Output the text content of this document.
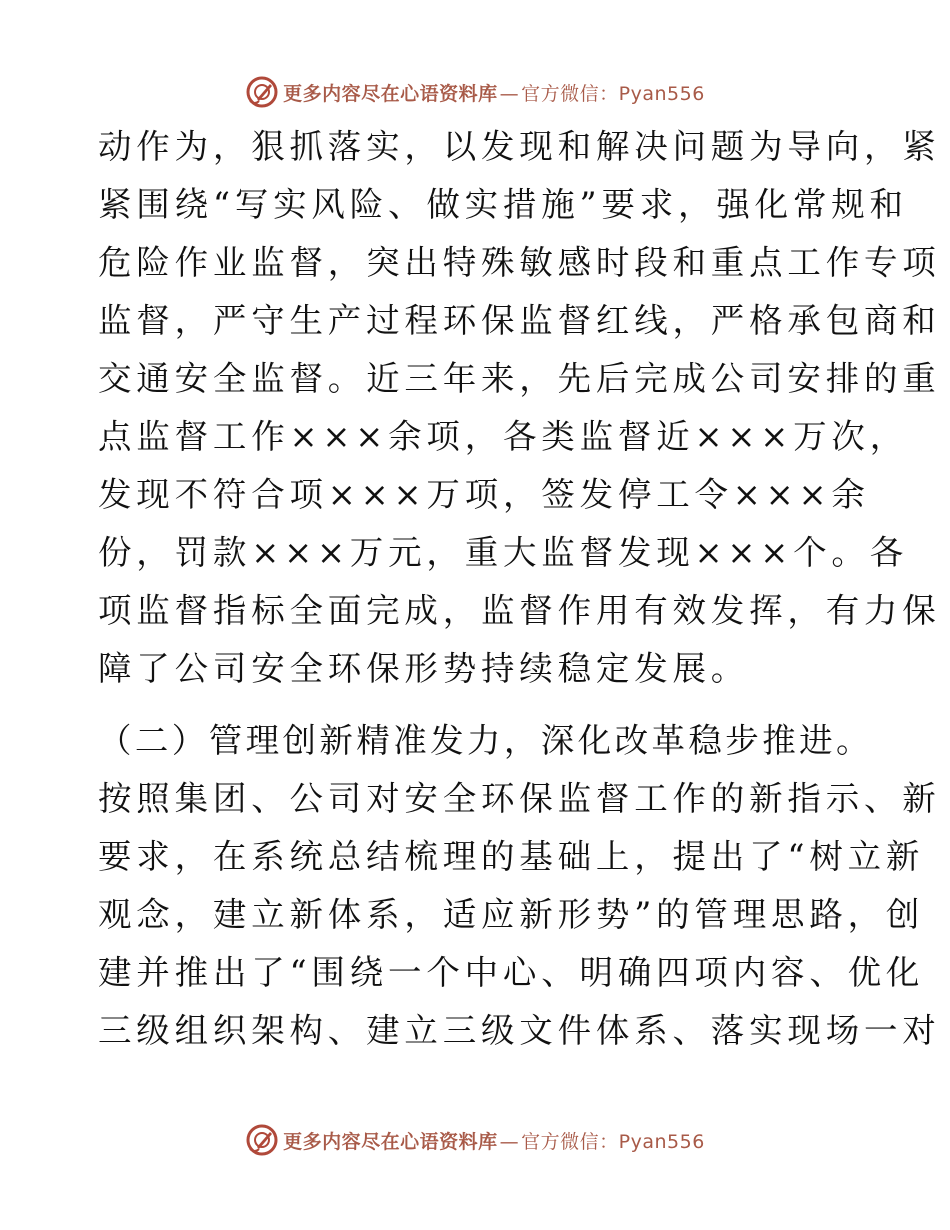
更多内容尽在心语资料库 — 官方微信：Pyan556
动作为，狠抓落实，以发现和解决问题为导向，紧
紧围绕“写实风险、做实措施”要求，强化常规和
危险作业监督，突出特殊敏感时段和重点工作专项
监督，严守生产过程环保监督红线，严格承包商和
交通安全监督。近三年来，先后完成公司安排的重
点监督工作×××余项，各类监督近×××万次，
发现不符合项×××万项，签发停工令×××余
份，罚款×××万元，重大监督发现×××个。各
项监督指标全面完成，监督作用有效发挥，有力保
障了公司安全环保形势持续稳定发展。
（二）管理创新精准发力，深化改革稳步推进。
按照集团、公司对安全环保监督工作的新指示、新
要求，在系统总结梳理的基础上，提出了“树立新
观念，建立新体系，适应新形势”的管理思路，创
建并推出了“围绕一个中心、明确四项内容、优化
三级组织架构、建立三级文件体系、落实现场一对
更多内容尽在心语资料库 — 官方微信：Pyan556
